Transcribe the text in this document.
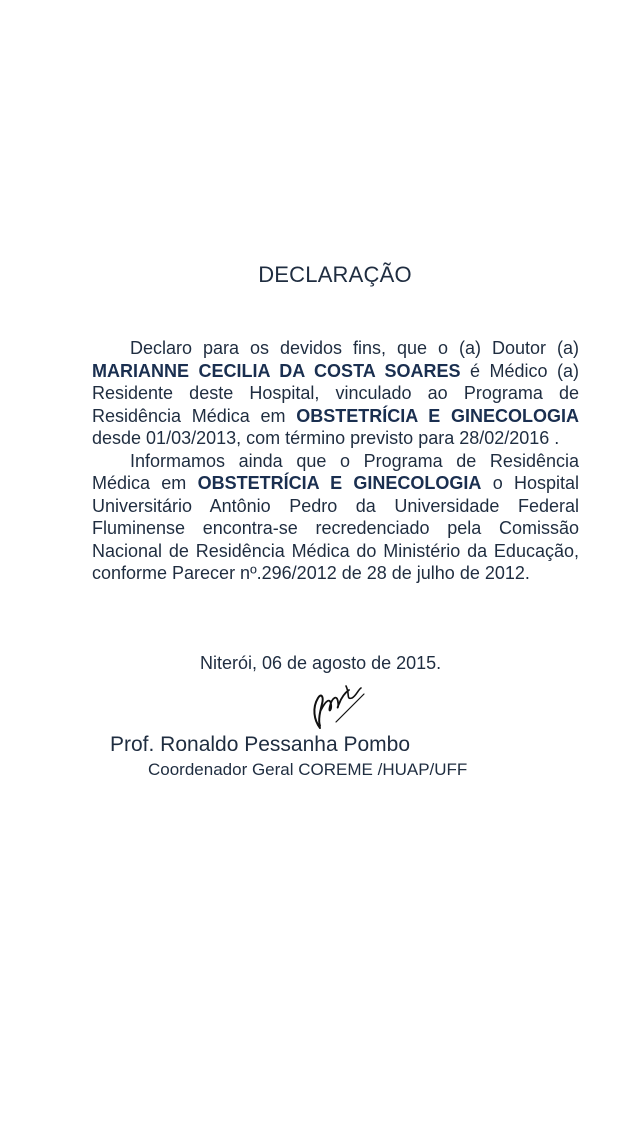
DECLARAÇÃO

Declaro para os devidos fins, que o (a) Doutor (a) MARIANNE CECILIA DA COSTA SOARES é Médico (a) Residente deste Hospital, vinculado ao Programa de Residência Médica em OBSTETRÍCIA E GINECOLOGIA desde 01/03/2013, com término previsto para 28/02/2016 .

Informamos ainda que o Programa de Residência Médica em OBSTETRÍCIA E GINECOLOGIA o Hospital Universitário Antônio Pedro da Universidade Federal Fluminense encontra-se recredenciado pela Comissão Nacional de Residência Médica do Ministério da Educação, conforme Parecer nº.296/2012 de 28 de julho de 2012.

Niterói, 06 de agosto de 2015.
Prof. Ronaldo Pessanha Pombo
Coordenador Geral COREME /HUAP/UFF
